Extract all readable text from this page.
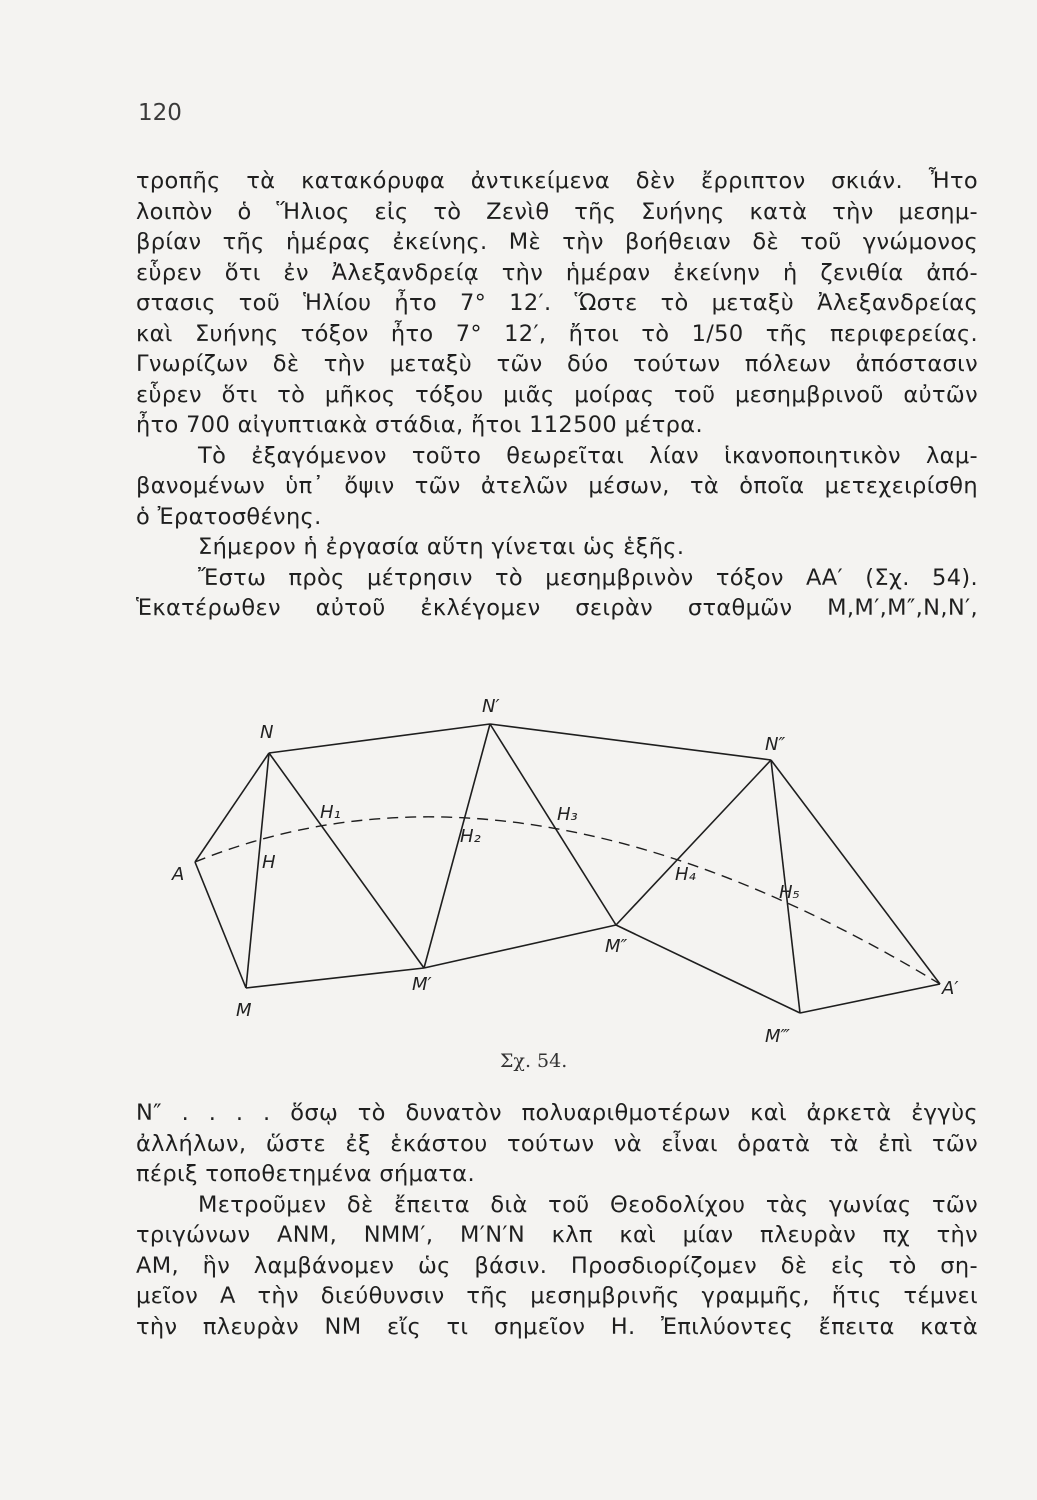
120
τροπῆς τὰ κατακόρυφα ἀντικείμενα δὲν ἔρριπτον σκιάν. Ἦτο
λοιπὸν ὁ Ἥλιος εἰς τὸ Ζενὶθ τῆς Συήνης κατὰ τὴν μεσημ-
βρίαν τῆς ἡμέρας ἐκείνης. Μὲ τὴν βοήθειαν δὲ τοῦ γνώμονος
εὗρεν ὅτι ἐν Ἀλεξανδρείᾳ τὴν ἡμέραν ἐκείνην ἡ ζενιθία ἀπό-
στασις τοῦ Ἡλίου ἦτο 7° 12′. Ὥστε τὸ μεταξὺ Ἀλεξανδρείας
καὶ Συήνης τόξον ἦτο 7° 12′, ἤτοι τὸ 1/50 τῆς περιφερείας.
Γνωρίζων δὲ τὴν μεταξὺ τῶν δύο τούτων πόλεων ἀπόστασιν
εὗρεν ὅτι τὸ μῆκος τόξου μιᾶς μοίρας τοῦ μεσημβρινοῦ αὐτῶν
ἦτο 700 αἰγυπτιακὰ στάδια, ἤτοι 112500 μέτρα.
Τὸ ἐξαγόμενον τοῦτο θεωρεῖται λίαν ἱκανοποιητικὸν λαμ-
βανομένων ὑπ᾽ ὄψιν τῶν ἀτελῶν μέσων, τὰ ὁποῖα μετεχειρίσθη
ὁ Ἐρατοσθένης.
Σήμερον ἡ ἐργασία αὕτη γίνεται ὡς ἑξῆς.
Ἔστω πρὸς μέτρησιν τὸ μεσημβρινὸν τόξον ΑΑ′ (Σχ. 54).
Ἑκατέρωθεν αὐτοῦ ἐκλέγομεν σειρὰν σταθμῶν Μ,Μ′,Μ″,Ν,Ν′,
A
A′
N
N′
N″
M
M′
M″
M‴
H
H₁
H₂
H₃
H₄
H₅
Σχ. 54.
Ν″ . . . . ὅσῳ τὸ δυνατὸν πολυαριθμοτέρων καὶ ἀρκετὰ ἐγγὺς
ἀλλήλων, ὥστε ἐξ ἑκάστου τούτων νὰ εἶναι ὁρατὰ τὰ ἐπὶ τῶν
πέριξ τοποθετημένα σήματα.
Μετροῦμεν δὲ ἔπειτα διὰ τοῦ Θεοδολίχου τὰς γωνίας τῶν
τριγώνων ΑΝΜ, ΝΜΜ′, Μ′Ν′Ν κλπ καὶ μίαν πλευρὰν πχ τὴν
ΑΜ, ἣν λαμβάνομεν ὡς βάσιν. Προσδιορίζομεν δὲ εἰς τὸ ση-
μεῖον Α τὴν διεύθυνσιν τῆς μεσημβρινῆς γραμμῆς, ἥτις τέμνει
τὴν πλευρὰν ΝΜ εἴς τι σημεῖον Η. Ἐπιλύοντες ἔπειτα κατὰ
